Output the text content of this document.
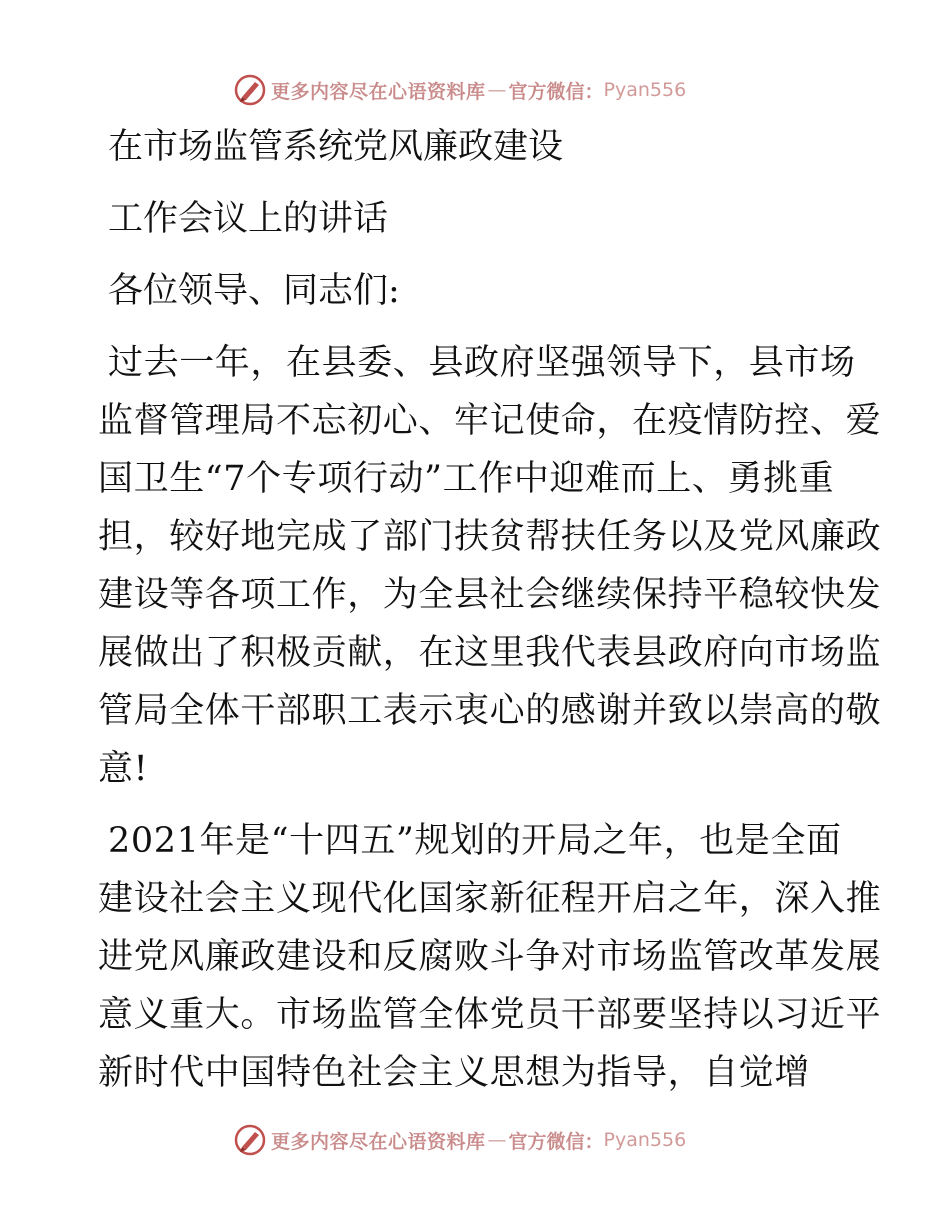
更多内容尽在心语资料库 — 官方微信： Pyan556
在市场监管系统党风廉政建设
工作会议上的讲话
各位领导、同志们:
过去一年，在县委、县政府坚强领导下，县市场
监督管理局不忘初心、牢记使命，在疫情防控、爱
国卫生“7个专项行动”工作中迎难而上、勇挑重
担，较好地完成了部门扶贫帮扶任务以及党风廉政
建设等各项工作，为全县社会继续保持平稳较快发
展做出了积极贡献，在这里我代表县政府向市场监
管局全体干部职工表示衷心的感谢并致以崇高的敬
意!
2021年是“十四五”规划的开局之年，也是全面
建设社会主义现代化国家新征程开启之年，深入推
进党风廉政建设和反腐败斗争对市场监管改革发展
意义重大。市场监管全体党员干部要坚持以习近平
新时代中国特色社会主义思想为指导，自觉增
更多内容尽在心语资料库 — 官方微信： Pyan556
